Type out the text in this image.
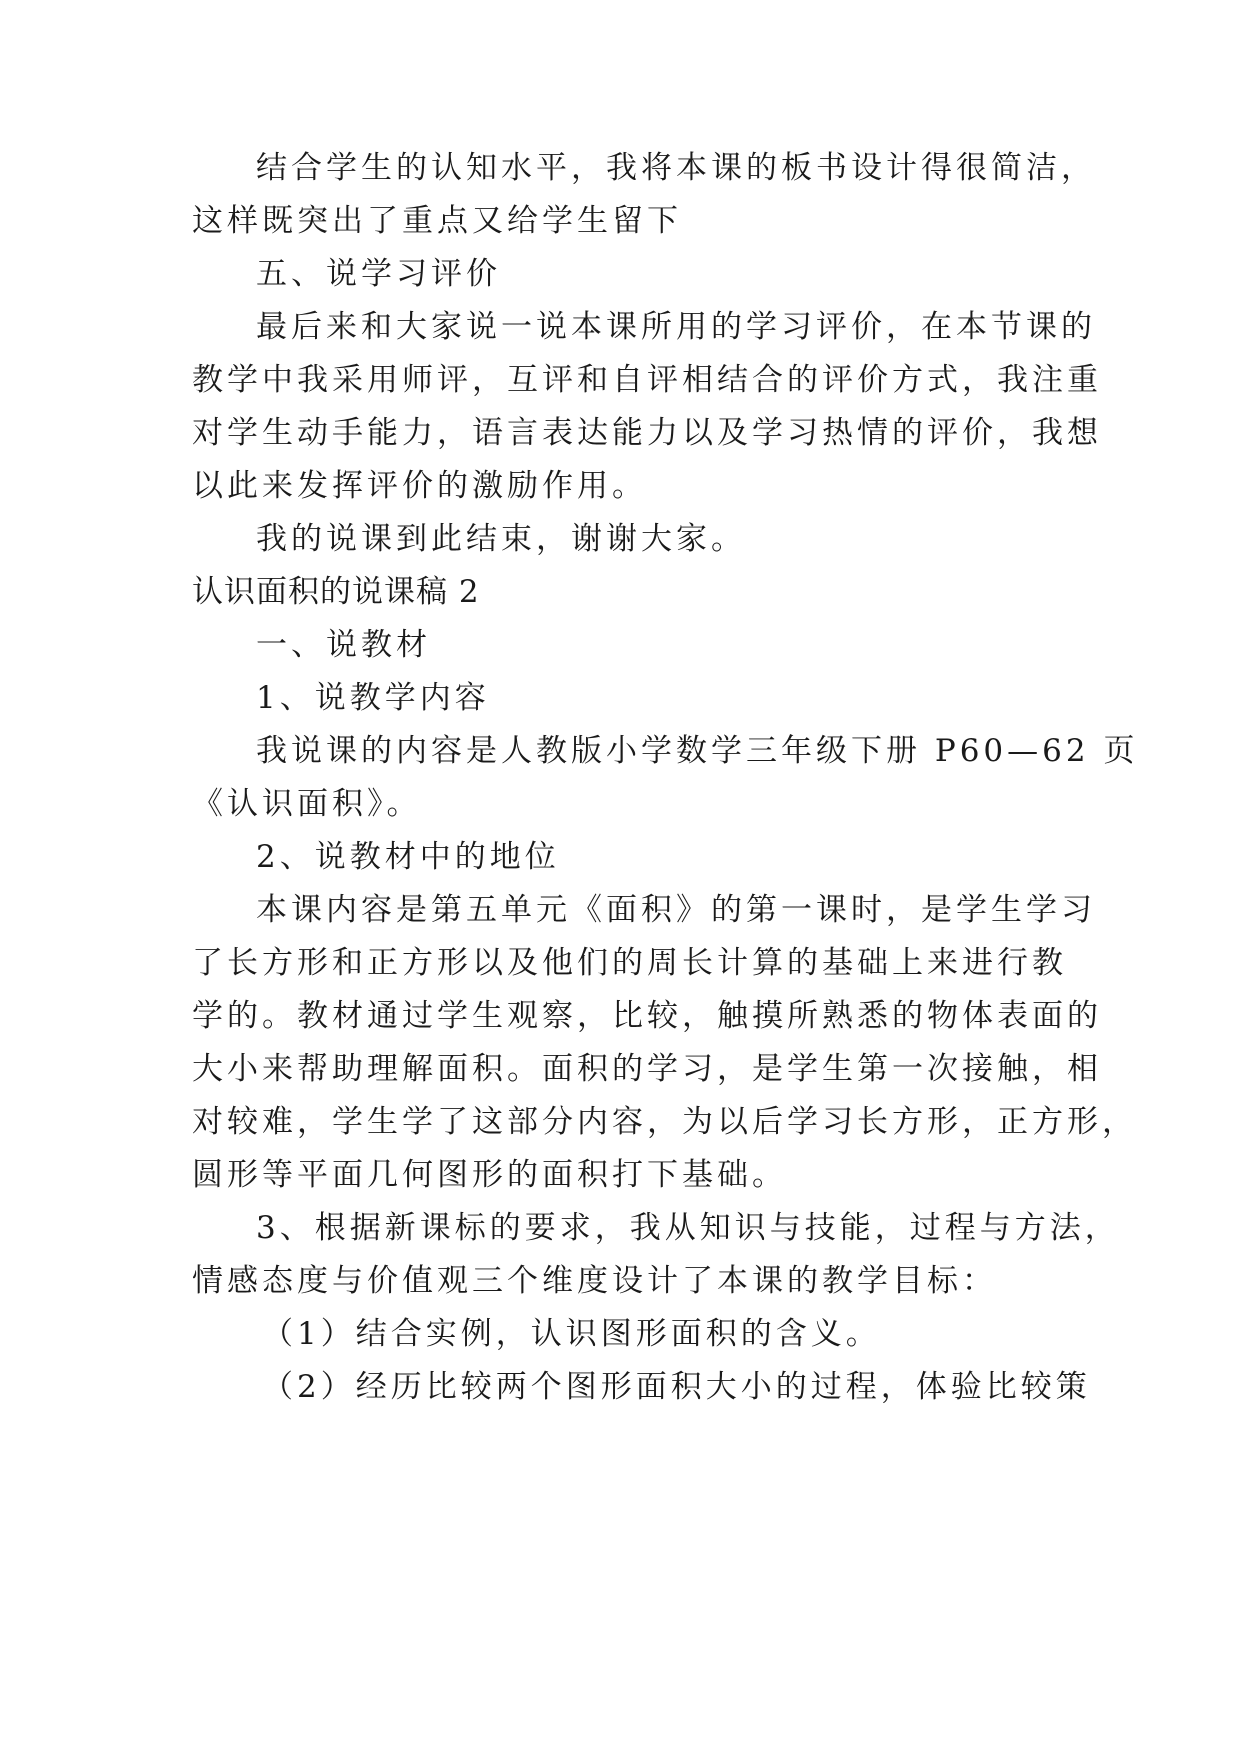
结合学生的认知水平，我将本课的板书设计得很简洁，
这样既突出了重点又给学生留下
五、说学习评价
最后来和大家说一说本课所用的学习评价，在本节课的
教学中我采用师评，互评和自评相结合的评价方式，我注重
对学生动手能力，语言表达能力以及学习热情的评价，我想
以此来发挥评价的激励作用。
我的说课到此结束，谢谢大家。
认识面积的说课稿 2
一、说教材
1、说教学内容
我说课的内容是人教版小学数学三年级下册 P60—62 页
《认识面积》。
2、说教材中的地位
本课内容是第五单元《面积》的第一课时，是学生学习
了长方形和正方形以及他们的周长计算的基础上来进行教
学的。教材通过学生观察，比较，触摸所熟悉的物体表面的
大小来帮助理解面积。面积的学习，是学生第一次接触，相
对较难，学生学了这部分内容，为以后学习长方形，正方形，
圆形等平面几何图形的面积打下基础。
3、根据新课标的要求，我从知识与技能，过程与方法，
情感态度与价值观三个维度设计了本课的教学目标：
（1）结合实例，认识图形面积的含义。
（2）经历比较两个图形面积大小的过程，体验比较策
